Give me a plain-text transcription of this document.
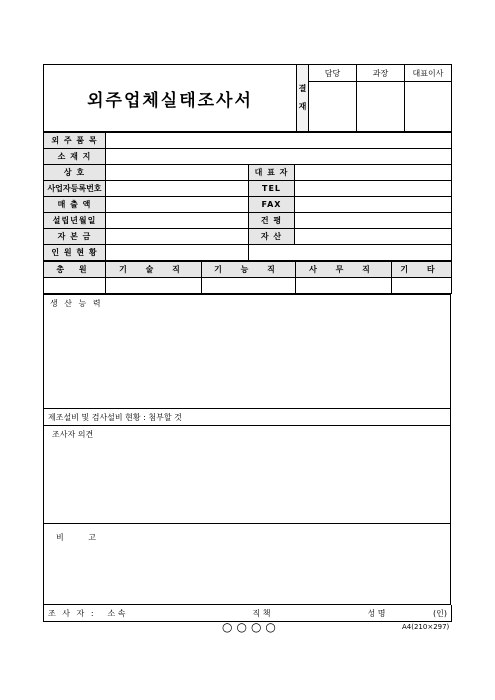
외주업체실태조사서	결
재	담당	과장	대표이사

외 주 품 목			
소 재 지			
상 호		대 표 자	
사업자등록번호		TEL	
매 출 액		FAX	
설립년월일		건 평	
자 본 금		자 산	
인 원 현 황			
총 원	기 술 직	기 능 직	사 무 직	기 타

생 산 능 력

제조설비 및 검사설비 현황 : 첨부할 것

조사자 의견

비 고
조 사 자 :	소 속	직 책	성 명	(인)
○○○○	A4(210×297)
